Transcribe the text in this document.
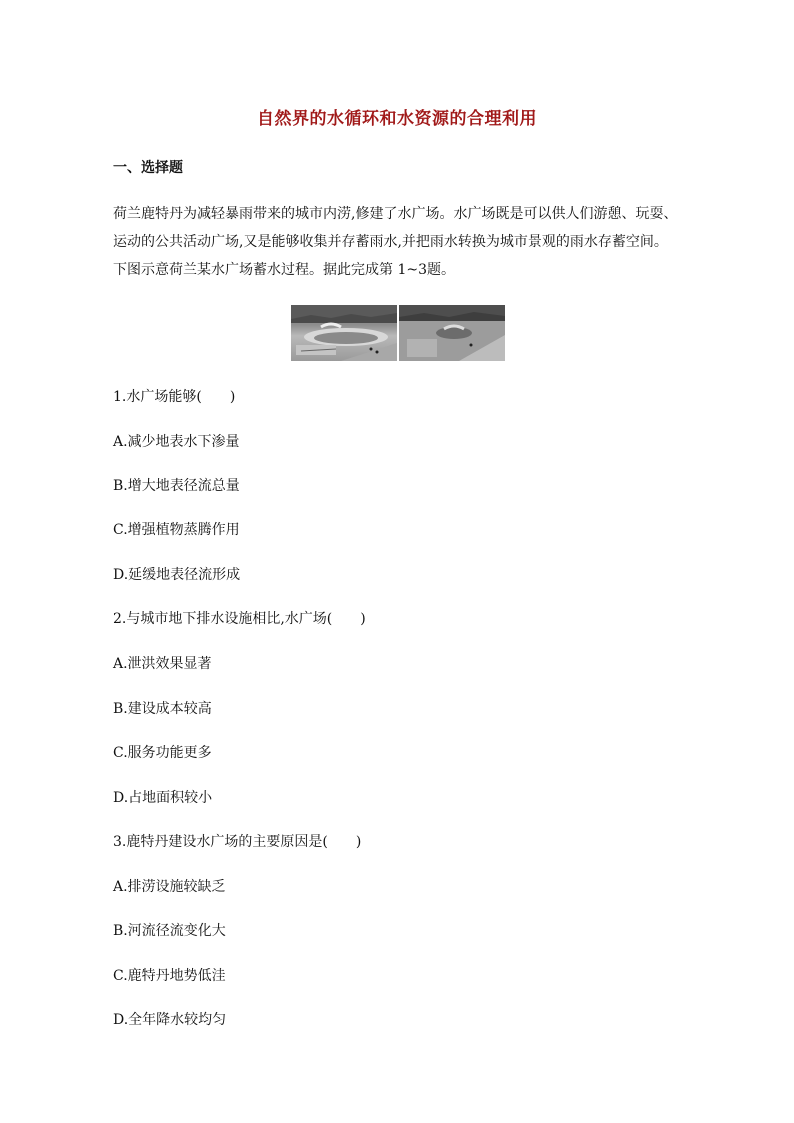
自然界的水循环和水资源的合理利用
一、选择题

荷兰鹿特丹为减轻暴雨带来的城市内涝,修建了水广场。水广场既是可以供人们游憩、玩耍、

运动的公共活动广场,又是能够收集并存蓄雨水,并把雨水转换为城市景观的雨水存蓄空间。

下图示意荷兰某水广场蓄水过程。据此完成第 1~3题。

1.水广场能够(　　)
A.减少地表水下渗量
B.增大地表径流总量
C.增强植物蒸腾作用
D.延缓地表径流形成
2.与城市地下排水设施相比,水广场(　　)
A.泄洪效果显著
B.建设成本较高
C.服务功能更多
D.占地面积较小
3.鹿特丹建设水广场的主要原因是(　　)
A.排涝设施较缺乏
B.河流径流变化大
C.鹿特丹地势低洼
D.全年降水较均匀
